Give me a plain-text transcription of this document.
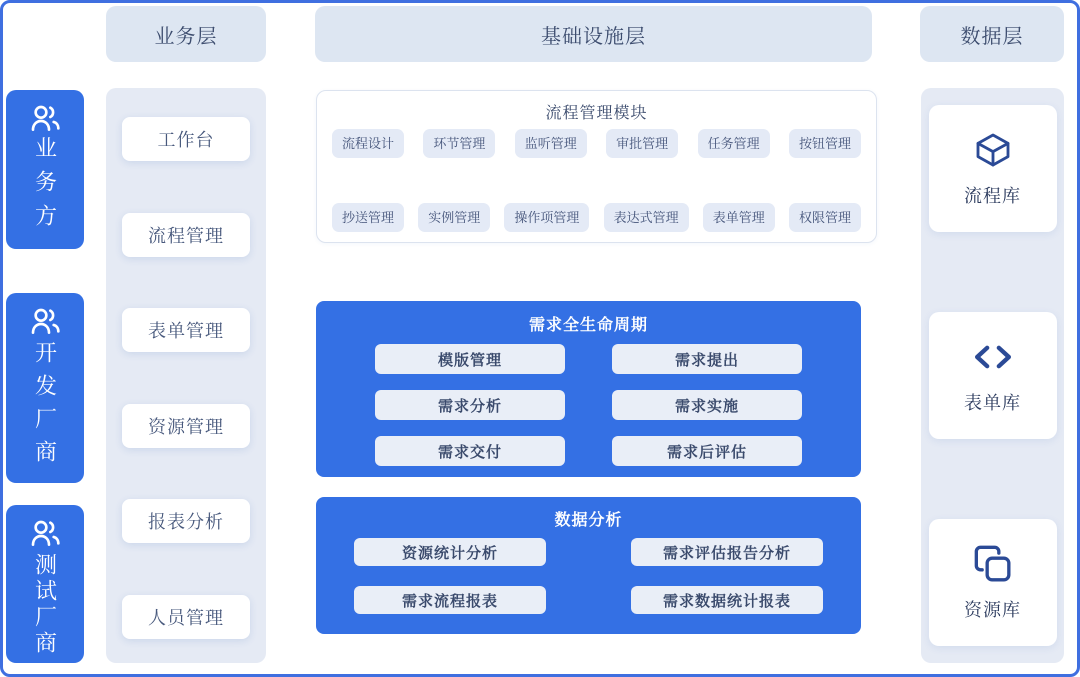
业务层	基础设施层	数据层
业务方
开发厂商
测试厂商
工作台
流程管理
表单管理
资源管理
报表分析
人员管理
流程管理模块
流程设计	环节管理	监听管理	审批管理	任务管理	按钮管理
抄送管理	实例管理	操作项管理	表达式管理	表单管理	权限管理
需求全生命周期
模版管理	需求提出
需求分析	需求实施
需求交付	需求后评估
数据分析
资源统计分析	需求评估报告分析
需求流程报表	需求数据统计报表
流程库
表单库
资源库
